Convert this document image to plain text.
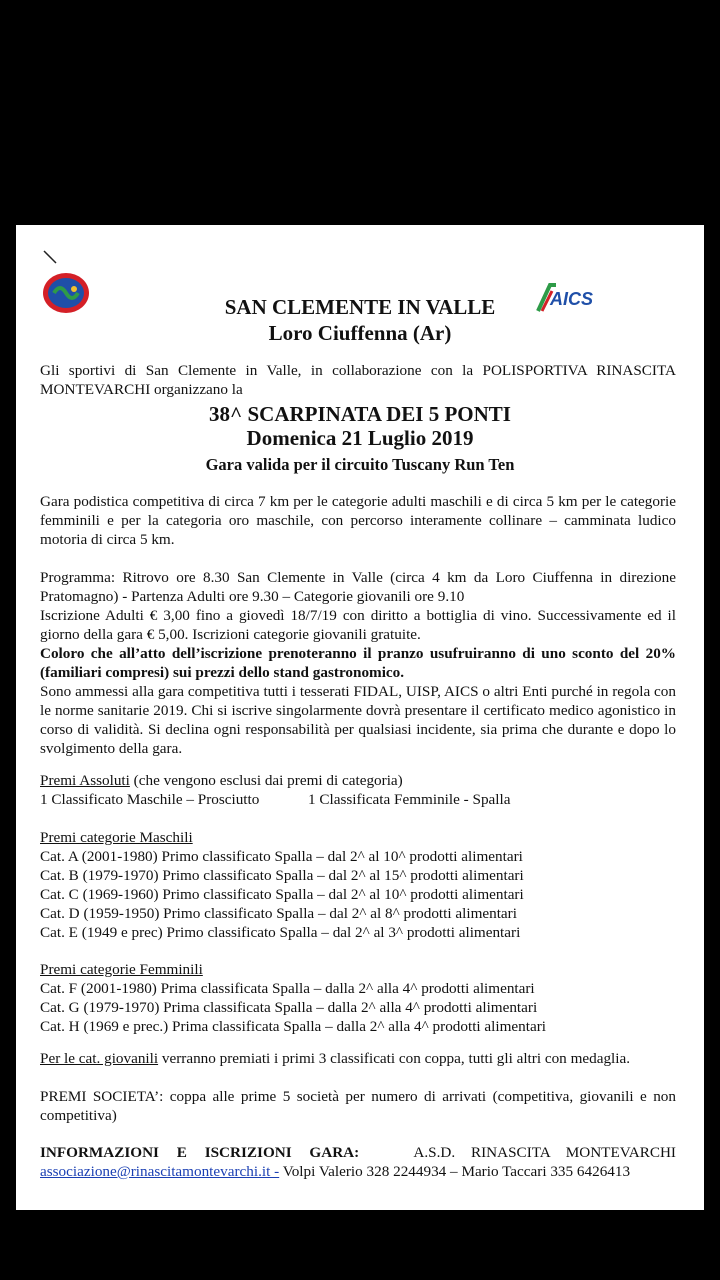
AICS
SAN CLEMENTE IN VALLE
Loro Ciuffenna (Ar)

Gli sportivi di San Clemente in Valle, in collaborazione con la POLISPORTIVA RINASCITA MONTEVARCHI organizzano la

38^ SCARPINATA DEI 5 PONTI
Domenica 21 Luglio 2019
Gara valida per il circuito Tuscany Run Ten

Gara podistica competitiva di circa 7 km per le categorie adulti maschili e di circa 5 km per le categorie femminili e per la categoria oro maschile, con percorso interamente collinare – camminata ludico motoria di circa 5 km.

Programma: Ritrovo ore 8.30 San Clemente in Valle (circa 4 km da Loro Ciuffenna in direzione Pratomagno) - Partenza Adulti ore 9.30 – Categorie giovanili ore 9.10
Iscrizione Adulti € 3,00 fino a giovedì 18/7/19 con diritto a bottiglia di vino. Successivamente ed il giorno della gara € 5,00. Iscrizioni categorie giovanili gratuite.
Coloro che all’atto dell’iscrizione prenoteranno il pranzo usufruiranno di uno sconto del 20% (familiari compresi) sui prezzi dello stand gastronomico.
Sono ammessi alla gara competitiva tutti i tesserati FIDAL, UISP, AICS o altri Enti purché in regola con le norme sanitarie 2019. Chi si iscrive singolarmente dovrà presentare il certificato medico agonistico in corso di validità. Si declina ogni responsabilità per qualsiasi incidente, sia prima che durante e dopo lo svolgimento della gara.
Premi Assoluti (che vengono esclusi dai premi di categoria)
1 Classificato Maschile – Prosciutto	1 Classificata Femminile - Spalla
Premi categorie Maschili
Cat. A (2001-1980) Primo classificato Spalla – dal 2^ al 10^ prodotti alimentari
Cat. B (1979-1970) Primo classificato Spalla – dal 2^ al 15^ prodotti alimentari
Cat. C (1969-1960) Primo classificato Spalla – dal 2^ al 10^ prodotti alimentari
Cat. D (1959-1950) Primo classificato Spalla – dal 2^ al 8^ prodotti alimentari
Cat. E (1949 e prec) Primo classificato Spalla – dal 2^ al 3^ prodotti alimentari
Premi categorie Femminili
Cat. F (2001-1980) Prima classificata Spalla – dalla 2^ alla 4^ prodotti alimentari
Cat. G (1979-1970) Prima classificata Spalla – dalla 2^ alla 4^ prodotti alimentari
Cat. H (1969 e prec.) Prima classificata Spalla – dalla 2^ alla 4^ prodotti alimentari

Per le cat. giovanili verranno premiati i primi 3 classificati con coppa, tutti gli altri con medaglia.

PREMI SOCIETA’: coppa alle prime 5 società per numero di arrivati (competitiva, giovanili e non competitiva)

INFORMAZIONI E ISCRIZIONI GARA:	A.S.D. RINASCITA MONTEVARCHI
associazione@rinascitamontevarchi.it - Volpi Valerio 328 2244934 – Mario Taccari 335 6426413
